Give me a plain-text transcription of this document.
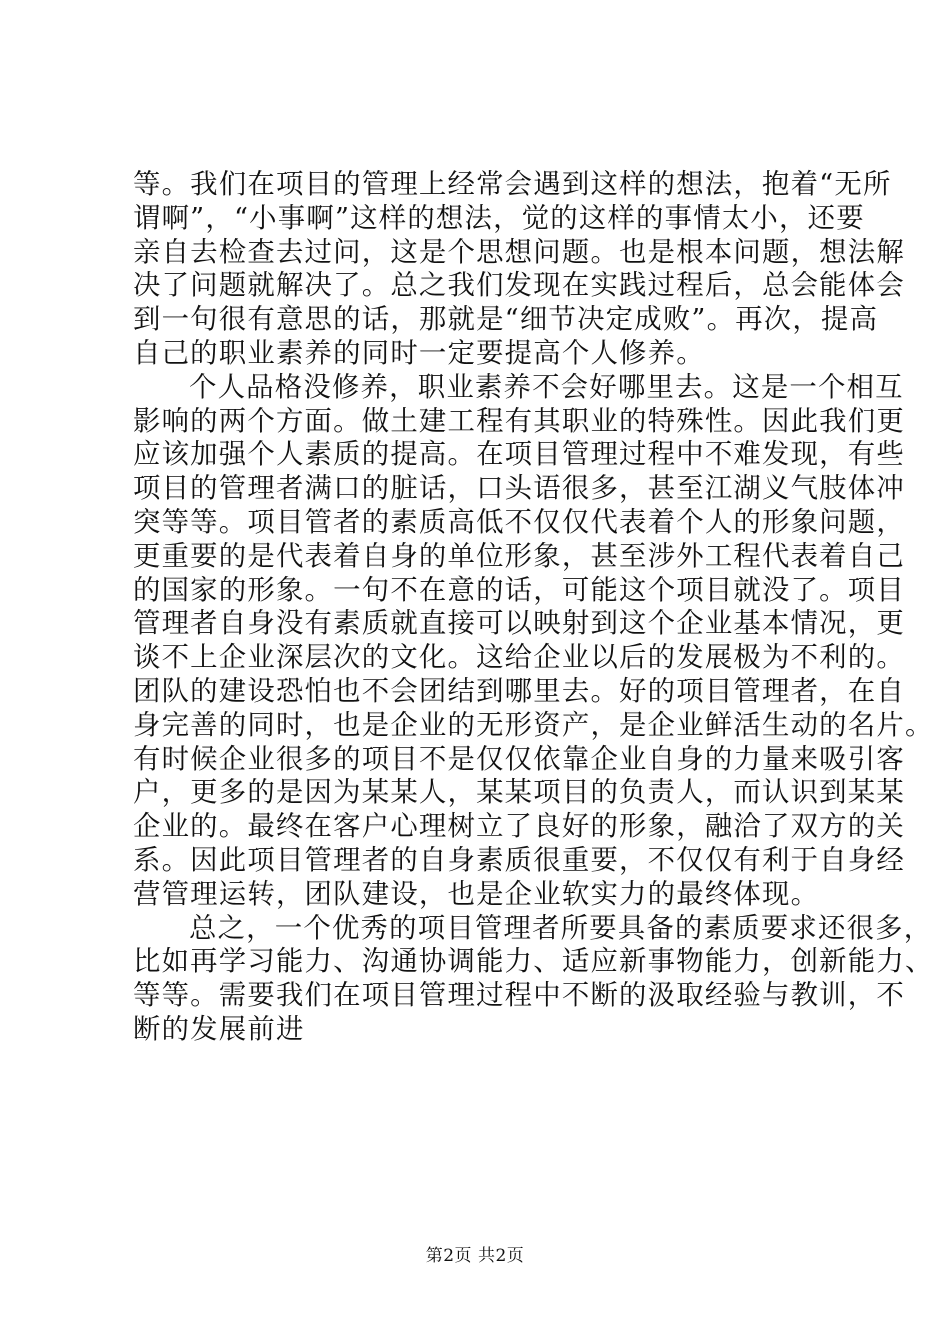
等。我们在项目的管理上经常会遇到这样的想法，抱着“无所
谓啊”，“小事啊”这样的想法，觉的这样的事情太小，还要
亲自去检查去过问，这是个思想问题。也是根本问题，想法解
决了问题就解决了。总之我们发现在实践过程后，总会能体会
到一句很有意思的话，那就是“细节决定成败”。再次，提高
自己的职业素养的同时一定要提高个人修养。

个人品格没修养，职业素养不会好哪里去。这是一个相互
影响的两个方面。做土建工程有其职业的特殊性。因此我们更
应该加强个人素质的提高。在项目管理过程中不难发现，有些
项目的管理者满口的脏话，口头语很多，甚至江湖义气肢体冲
突等等。项目管者的素质高低不仅仅代表着个人的形象问题，
更重要的是代表着自身的单位形象，甚至涉外工程代表着自己
的国家的形象。一句不在意的话，可能这个项目就没了。项目
管理者自身没有素质就直接可以映射到这个企业基本情况，更
谈不上企业深层次的文化。这给企业以后的发展极为不利的。
团队的建设恐怕也不会团结到哪里去。好的项目管理者，在自
身完善的同时，也是企业的无形资产，是企业鲜活生动的名片。
有时候企业很多的项目不是仅仅依靠企业自身的力量来吸引客
户，更多的是因为某某人，某某项目的负责人，而认识到某某
企业的。最终在客户心理树立了良好的形象，融洽了双方的关
系。因此项目管理者的自身素质很重要，不仅仅有利于自身经
营管理运转，团队建设，也是企业软实力的最终体现。

总之，一个优秀的项目管理者所要具备的素质要求还很多，
比如再学习能力、沟通协调能力、适应新事物能力，创新能力、
等等。需要我们在项目管理过程中不断的汲取经验与教训，不
断的发展前进

第2页 共2页
